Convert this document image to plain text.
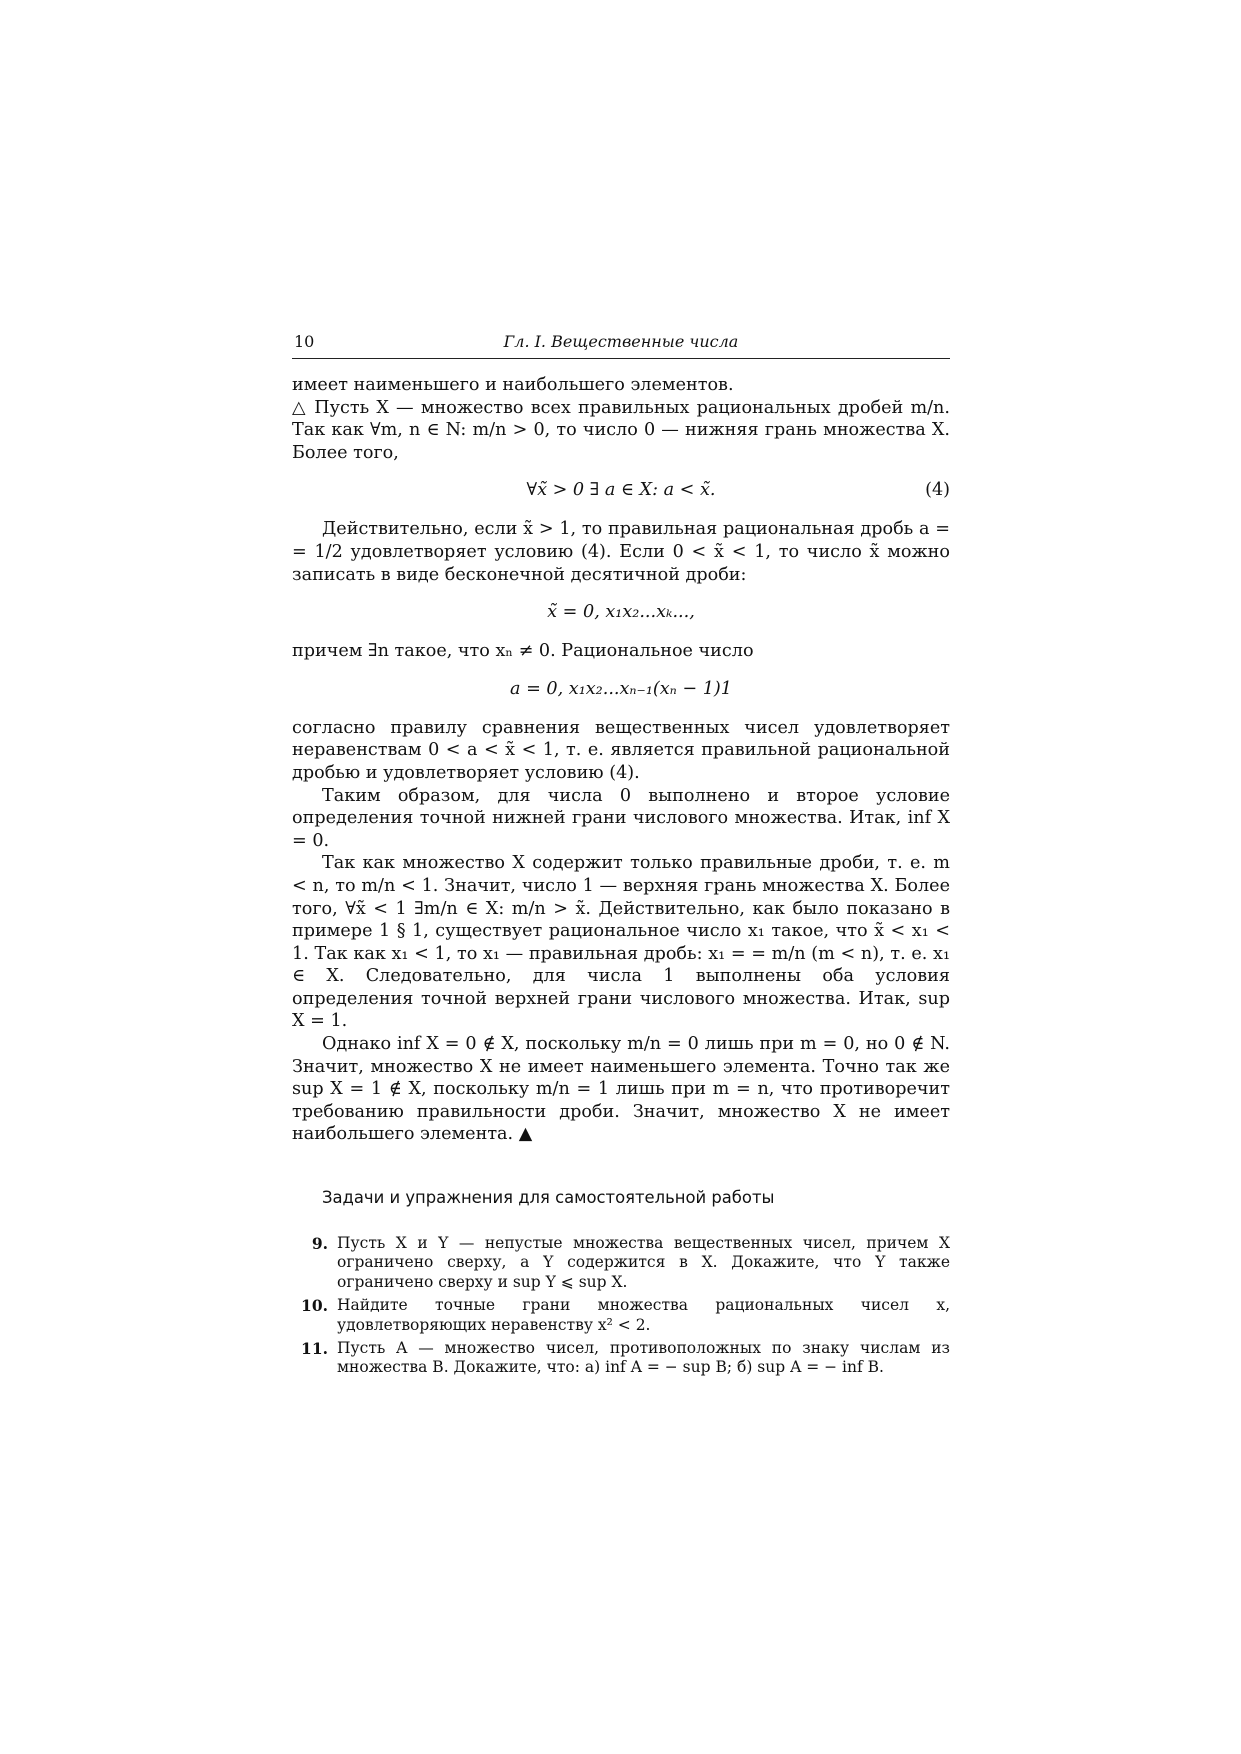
10	Гл. I. Вещественные числа

имеет наименьшего и наибольшего элементов.

△ Пусть X — множество всех правильных рациональных дробей m/n. Так как ∀m, n ∈ N: m/n > 0, то число 0 — нижняя грань множества X. Более того,

∀x̃ > 0 ∃ a ∈ X: a < x̃.	(4)

Действительно, если x̃ > 1, то правильная рациональная дробь a = = 1/2 удовлетворяет условию (4). Если 0 < x̃ < 1, то число x̃ можно записать в виде бесконечной десятичной дроби:

x̃ = 0, x₁x₂...xₖ...,

причем ∃n такое, что xₙ ≠ 0. Рациональное число

a = 0, x₁x₂...xₙ₋₁(xₙ − 1)1

согласно правилу сравнения вещественных чисел удовлетворяет неравенствам 0 < a < x̃ < 1, т. е. является правильной рациональной дробью и удовлетворяет условию (4).

Таким образом, для числа 0 выполнено и второе условие определения точной нижней грани числового множества. Итак, inf X = 0.

Так как множество X содержит только правильные дроби, т. е. m < n, то m/n < 1. Значит, число 1 — верхняя грань множества X. Более того, ∀x̃ < 1 ∃m/n ∈ X: m/n > x̃. Действительно, как было показано в примере 1 § 1, существует рациональное число x₁ такое, что x̃ < x₁ < 1. Так как x₁ < 1, то x₁ — правильная дробь: x₁ = = m/n (m < n), т. е. x₁ ∈ X. Следовательно, для числа 1 выполнены оба условия определения точной верхней грани числового множества. Итак, sup X = 1.

Однако inf X = 0 ∉ X, поскольку m/n = 0 лишь при m = 0, но 0 ∉ N. Значит, множество X не имеет наименьшего элемента. Точно так же sup X = 1 ∉ X, поскольку m/n = 1 лишь при m = n, что противоречит требованию правильности дроби. Значит, множество X не имеет наибольшего элемента. ▲

Задачи и упражнения для самостоятельной работы
9. Пусть X и Y — непустые множества вещественных чисел, причем X ограничено сверху, а Y содержится в X. Докажите, что Y также ограничено сверху и sup Y ⩽ sup X.
10. Найдите точные грани множества рациональных чисел x, удовлетворяющих неравенству x² < 2.
11. Пусть A — множество чисел, противоположных по знаку числам из множества B. Докажите, что: а) inf A = − sup B; б) sup A = − inf B.
